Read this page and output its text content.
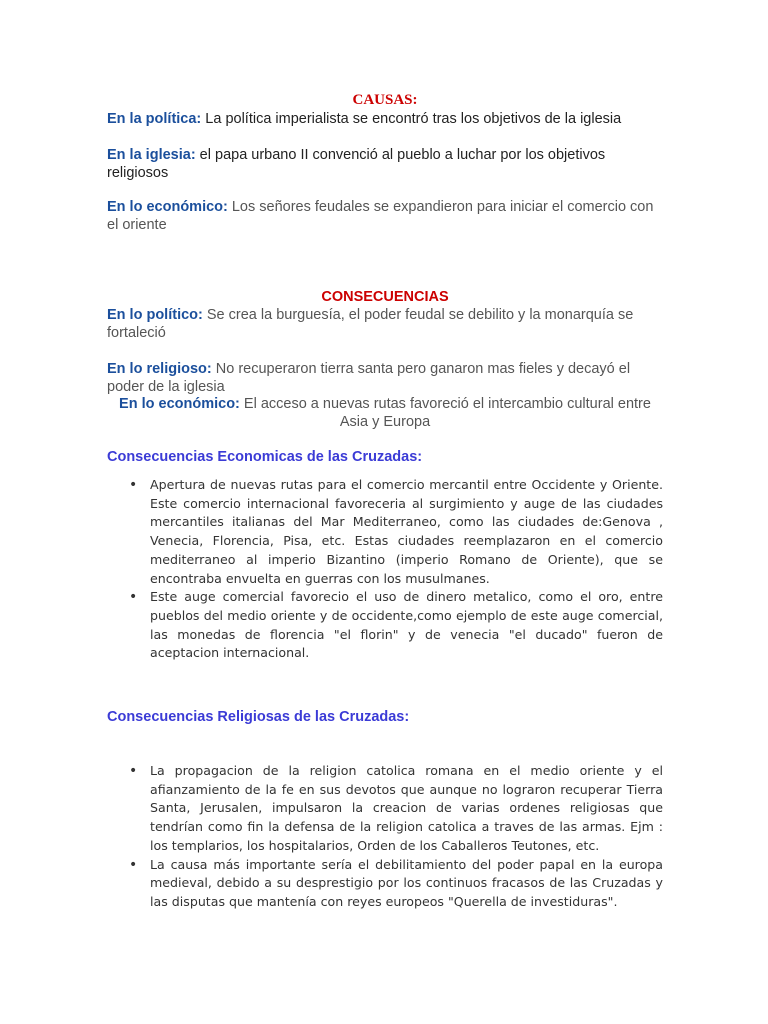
CAUSAS:
En la política: La política imperialista se encontró tras los objetivos de la iglesia
En la iglesia: el papa urbano II convenció al pueblo a luchar por los objetivos religiosos
En lo económico: Los señores feudales se expandieron para iniciar el comercio con el oriente
CONSECUENCIAS
En lo político: Se crea la burguesía, el poder feudal se debilito y la monarquía se fortaleció
En lo religioso: No recuperaron tierra santa pero ganaron mas fieles y decayó el poder de la iglesia
En lo económico: El acceso a nuevas rutas favoreció el intercambio cultural entre Asia y Europa
Consecuencias Economicas de las Cruzadas:
• Apertura de nuevas rutas para el comercio mercantil entre Occidente y Oriente. Este comercio internacional favoreceria al surgimiento y auge de las ciudades mercantiles italianas del Mar Mediterraneo, como las ciudades de:Genova , Venecia, Florencia, Pisa, etc. Estas ciudades reemplazaron en el comercio mediterraneo al imperio Bizantino (imperio Romano de Oriente), que se encontraba envuelta en guerras con los musulmanes.
• Este auge comercial favorecio el uso de dinero metalico, como el oro, entre pueblos del medio oriente y de occidente,como ejemplo de este auge comercial, las monedas de florencia "el florin" y de venecia "el ducado" fueron de aceptacion internacional.
Consecuencias Religiosas de las Cruzadas:
• La propagacion de la religion catolica romana en el medio oriente y el afianzamiento de la fe en sus devotos que aunque no lograron recuperar Tierra Santa, Jerusalen, impulsaron la creacion de varias ordenes religiosas que tendrían como fin la defensa de la religion catolica a traves de las armas. Ejm : los templarios, los hospitalarios, Orden de los Caballeros Teutones, etc.
• La causa más importante sería el debilitamiento del poder papal en la europa medieval, debido a su desprestigio por los continuos fracasos de las Cruzadas y las disputas que mantenía con reyes europeos "Querella de investiduras".
